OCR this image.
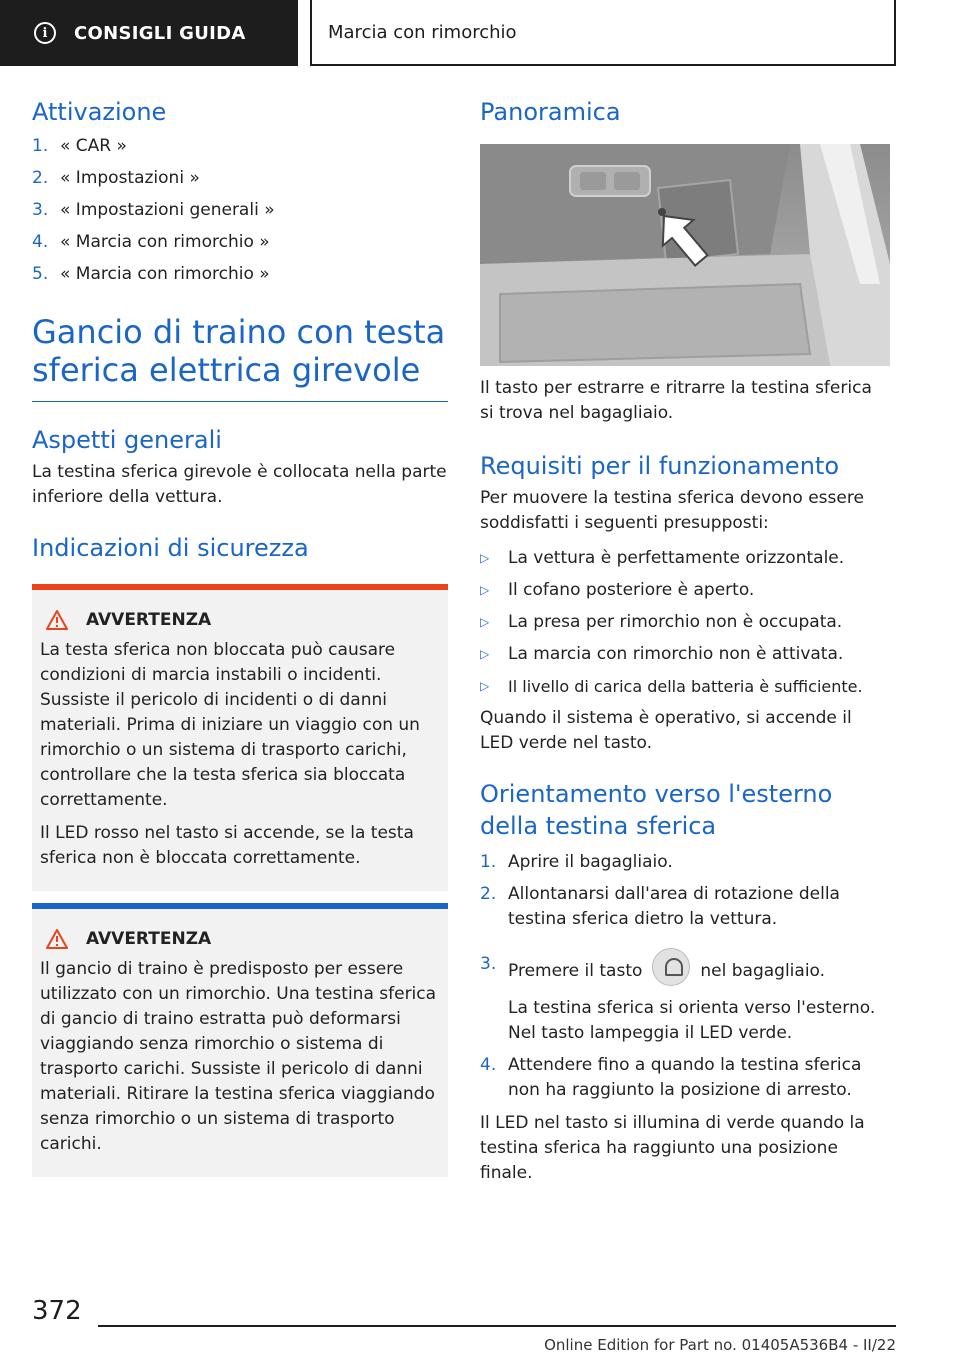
i	CONSIGLI GUIDA	Marcia con rimorchio
Attivazione
1. « CAR »
2. « Impostazioni »
3. « Impostazioni generali »
4. « Marcia con rimorchio »
5. « Marcia con rimorchio »
Gancio di traino con testa
sferica elettrica girevole
Aspetti generali

La testina sferica girevole è collocata nella parte inferiore della vettura.

Indicazioni di sicurezza
AVVERTENZA

La testa sferica non bloccata può causare condizioni di marcia instabili o incidenti. Sussiste il pericolo di incidenti o di danni materiali. Prima di iniziare un viaggio con un rimorchio o un sistema di trasporto carichi, controllare che la testa sferica sia bloccata correttamente.

Il LED rosso nel tasto si accende, se la testa sferica non è bloccata correttamente.

AVVERTENZA

Il gancio di traino è predisposto per essere utilizzato con un rimorchio. Una testina sferica di gancio di traino estratta può deformarsi viaggiando senza rimorchio o sistema di trasporto carichi. Sussiste il pericolo di danni materiali. Ritirare la testina sferica viaggiando senza rimorchio o un sistema di trasporto carichi.

Panoramica

Il tasto per estrarre e ritrarre la testina sferica si trova nel bagagliaio.

Requisiti per il funzionamento

Per muovere la testina sferica devono essere soddisfatti i seguenti presupposti:

▷	La vettura è perfettamente orizzontale.
▷	Il cofano posteriore è aperto.
▷	La presa per rimorchio non è occupata.
▷	La marcia con rimorchio non è attivata.
▷	Il livello di carica della batteria è sufficiente.

Quando il sistema è operativo, si accende il LED verde nel tasto.

Orientamento verso l'esterno della testina sferica
1. Aprire il bagagliaio.
2. Allontanarsi dall'area di rotazione della testina sferica dietro la vettura.
3. Premere il tasto	nel bagagliaio.
La testina sferica si orienta verso l'esterno. Nel tasto lampeggia il LED verde.
4. Attendere fino a quando la testina sferica non ha raggiunto la posizione di arresto.

Il LED nel tasto si illumina di verde quando la testina sferica ha raggiunto una posizione finale.

372
Online Edition for Part no. 01405A536B4 - II/22
